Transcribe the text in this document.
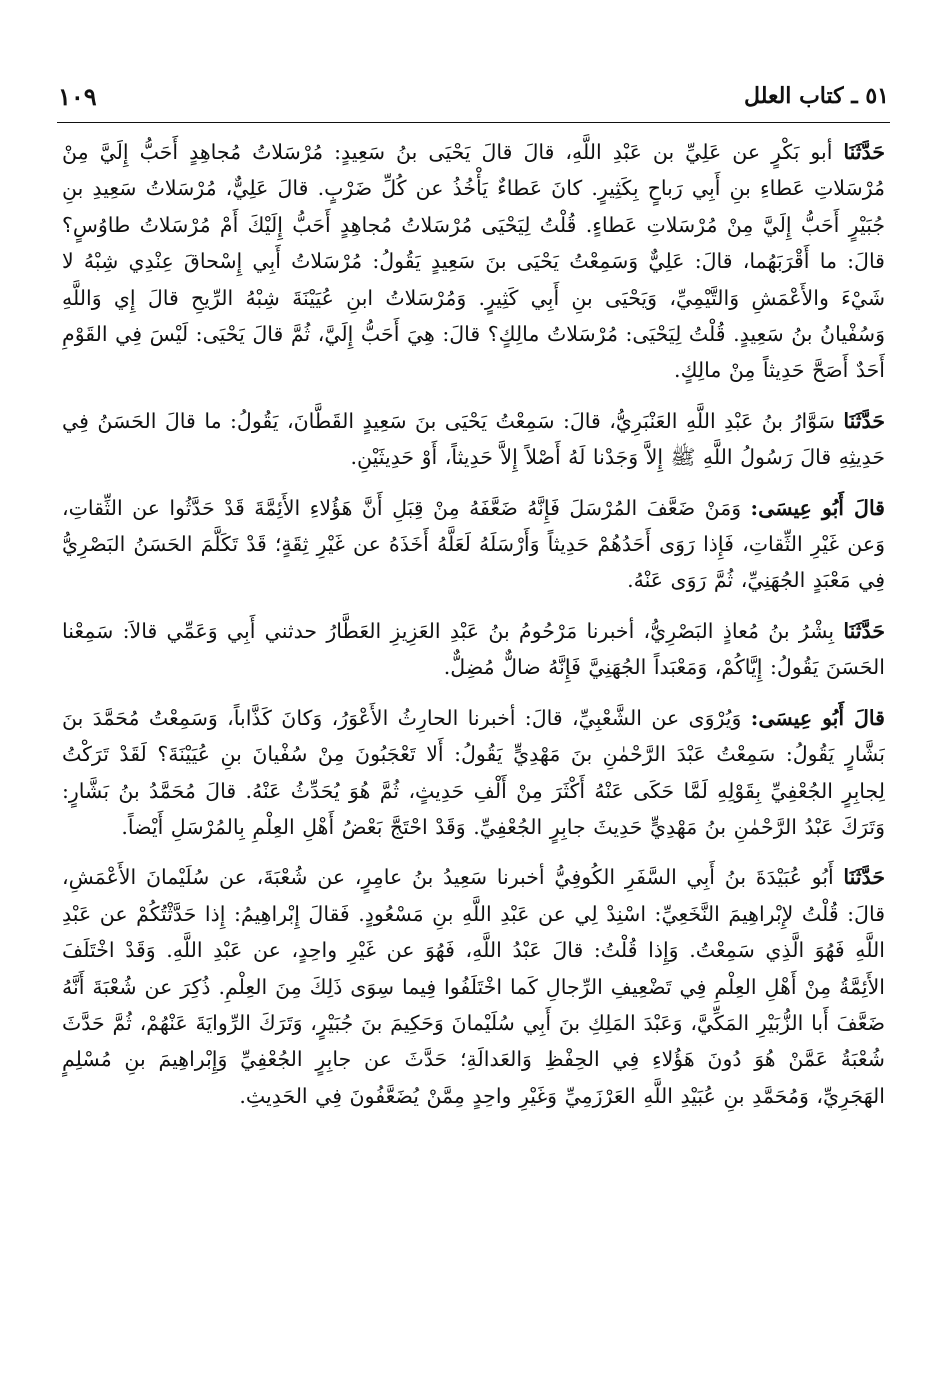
٥١ ـ كتاب العلل
١٠٩

حَدَّثَنَا أبو بَكْرٍ عن عَلِيِّ بن عَبْدِ اللَّهِ، قالَ قالَ يَحْيَى بنُ سَعِيدٍ: مُرْسَلاتُ مُجاهِدٍ أَحَبُّ إِلَيَّ مِنْ مُرْسَلاتِ عَطاءِ بنِ أَبِي رَباحٍ بِكَثِيرٍ. كانَ عَطاءٌ يَأْخُذُ عن كُلِّ ضَرْبٍ. قالَ عَلِيٌّ، مُرْسَلاتُ سَعِيدِ بنِ جُبَيْرٍ أَحَبُّ إِلَيَّ مِنْ مُرْسَلاتِ عَطاءٍ. قُلْتُ لِيَحْيَى مُرْسَلاتُ مُجاهِدٍ أَحَبُّ إِلَيْكَ أَمْ مُرْسَلاتُ طاوُسٍ؟ قالَ: ما أَقْرَبَهُما، قالَ: عَلِيٌّ وَسَمِعْتُ يَحْيَى بنَ سَعِيدٍ يَقُولُ: مُرْسَلاتُ أَبِي إِسْحاقَ عِنْدِي شِبْهُ لا شَيْءَ والأَعْمَشِ وَالتَّيْمِيِّ، وَيَحْيَى بنِ أَبِي كَثِيرٍ. وَمُرْسَلاتُ ابنِ عُيَيْنَةَ شِبْهُ الرِّيحِ قالَ إِي وَاللَّهِ وَسُفْيانُ بنُ سَعِيدٍ. قُلْتُ لِيَحْيَى: مُرْسَلاتُ مالِكٍ؟ قالَ: هِيَ أَحَبُّ إِلَيَّ، ثُمَّ قالَ يَحْيَى: لَيْسَ فِي القَوْمِ أَحَدٌ أَصَحَّ حَدِيثاً مِنْ مالِكٍ.

حَدَّثَنَا سَوَّارُ بنُ عَبْدِ اللَّهِ العَنْبَرِيُّ، قالَ: سَمِعْتُ يَحْيَى بنَ سَعِيدٍ القَطَّانَ، يَقُولُ: ما قالَ الحَسَنُ فِي حَدِيثِهِ قالَ رَسُولُ اللَّهِ ﷺ إِلاَّ وَجَدْنا لَهُ أَصْلاً إِلاَّ حَدِيثاً، أَوْ حَدِيثَيْنِ.

قالَ أَبُو عِيسَى: وَمَنْ ضَعَّفَ المُرْسَلَ فَإِنَّهُ ضَعَّفَهُ مِنْ قِبَلِ أَنَّ هَؤُلاءِ الأَئِمَّةَ قَدْ حَدَّثُوا عن الثِّقاتِ، وَعن غَيْرِ الثِّقاتِ، فَإِذا رَوَى أَحَدُهُمْ حَدِيثاً وَأَرْسَلَهُ لَعَلَّهُ أَخَذَهُ عن غَيْرِ ثِقَةٍ؛ قَدْ تَكَلَّمَ الحَسَنُ البَصْرِيُّ فِي مَعْبَدٍ الجُهَنِيِّ، ثُمَّ رَوَى عَنْهُ.

حَدَّثَنَا بِشْرُ بنُ مُعاذٍ البَصْرِيُّ، أخبرنا مَرْحُومُ بنُ عَبْدِ العَزِيزِ العَطَّارُ حدثني أَبِي وَعَمِّي قالاَ: سَمِعْنا الحَسَنَ يَقُولُ: إِيَّاكُمْ، وَمَعْبَداً الجُهَنِيَّ فَإِنَّهُ ضالٌّ مُضِلٌّ.

قالَ أَبُو عِيسَى: وَيُرْوَى عن الشَّعْبِيِّ، قالَ: أخبرنا الحارِثُ الأَعْوَرُ، وَكانَ كَذَّاباً، وَسَمِعْتُ مُحَمَّدَ بنَ بَشَّارٍ يَقُولُ: سَمِعْتُ عَبْدَ الرَّحْمٰنِ بنَ مَهْدِيٍّ يَقُولُ: أَلا تَعْجَبُونَ مِنْ سُفْيانَ بنِ عُيَيْنَةَ؟ لَقَدْ تَرَكْتُ لِجابِرٍ الجُعْفِيِّ بِقَوْلِهِ لَمَّا حَكَى عَنْهُ أَكْثَرَ مِنْ أَلْفِ حَدِيثٍ، ثُمَّ هُوَ يُحَدِّثُ عَنْهُ. قالَ مُحَمَّدُ بنُ بَشَّارٍ: وَتَرَكَ عَبْدُ الرَّحْمٰنِ بنُ مَهْدِيٍّ حَدِيثَ جابِرٍ الجُعْفِيِّ. وَقَدْ احْتَجَّ بَعْضُ أَهْلِ العِلْمِ بِالمُرْسَلِ أَيْضاً.

حَدَّثَنَا أَبُو عُبَيْدَةَ بنُ أَبِي السَّفَرِ الكُوفِيُّ أخبرنا سَعِيدُ بنُ عامِرٍ، عن شُعْبَةَ، عن سُلَيْمانَ الأَعْمَشِ، قالَ: قُلْتُ لإِبْراهِيمَ النَّخَعِيِّ: اسْنِدْ لِي عن عَبْدِ اللَّهِ بنِ مَسْعُودٍ. فَقالَ إِبْراهِيمُ: إِذا حَدَّثْتُكُمْ عن عَبْدِ اللَّهِ فَهُوَ الَّذِي سَمِعْتُ. وَإِذا قُلْتُ: قالَ عَبْدُ اللَّهِ، فَهُوَ عن غَيْرِ واحِدٍ، عن عَبْدِ اللَّهِ. وَقَدْ اخْتَلَفَ الأَئِمَّةُ مِنْ أَهْلِ العِلْمِ فِي تَضْعِيفِ الرِّجالِ كَما اخْتَلَفُوا فِيما سِوَى ذَلِكَ مِنَ العِلْمِ. ذُكِرَ عن شُعْبَةَ أَنَّهُ ضَعَّفَ أَبا الزُّبَيْرِ المَكِّيَّ، وَعَبْدَ المَلِكِ بنَ أَبِي سُلَيْمانَ وَحَكِيمَ بنَ جُبَيْرٍ، وَتَرَكَ الرِّوايَةَ عَنْهُمْ، ثُمَّ حَدَّثَ شُعْبَةُ عَمَّنْ هُوَ دُونَ هَؤُلاءِ فِي الحِفْظِ وَالعَدالَةِ؛ حَدَّثَ عن جابِرٍ الجُعْفِيِّ وَإِبْراهِيمَ بنِ مُسْلِمٍ الهَجَرِيِّ، وَمُحَمَّدِ بنِ عُبَيْدِ اللَّهِ العَرْزَمِيِّ وَغَيْرِ واحِدٍ مِمَّنْ يُضَعَّفُونَ فِي الحَدِيثِ.
